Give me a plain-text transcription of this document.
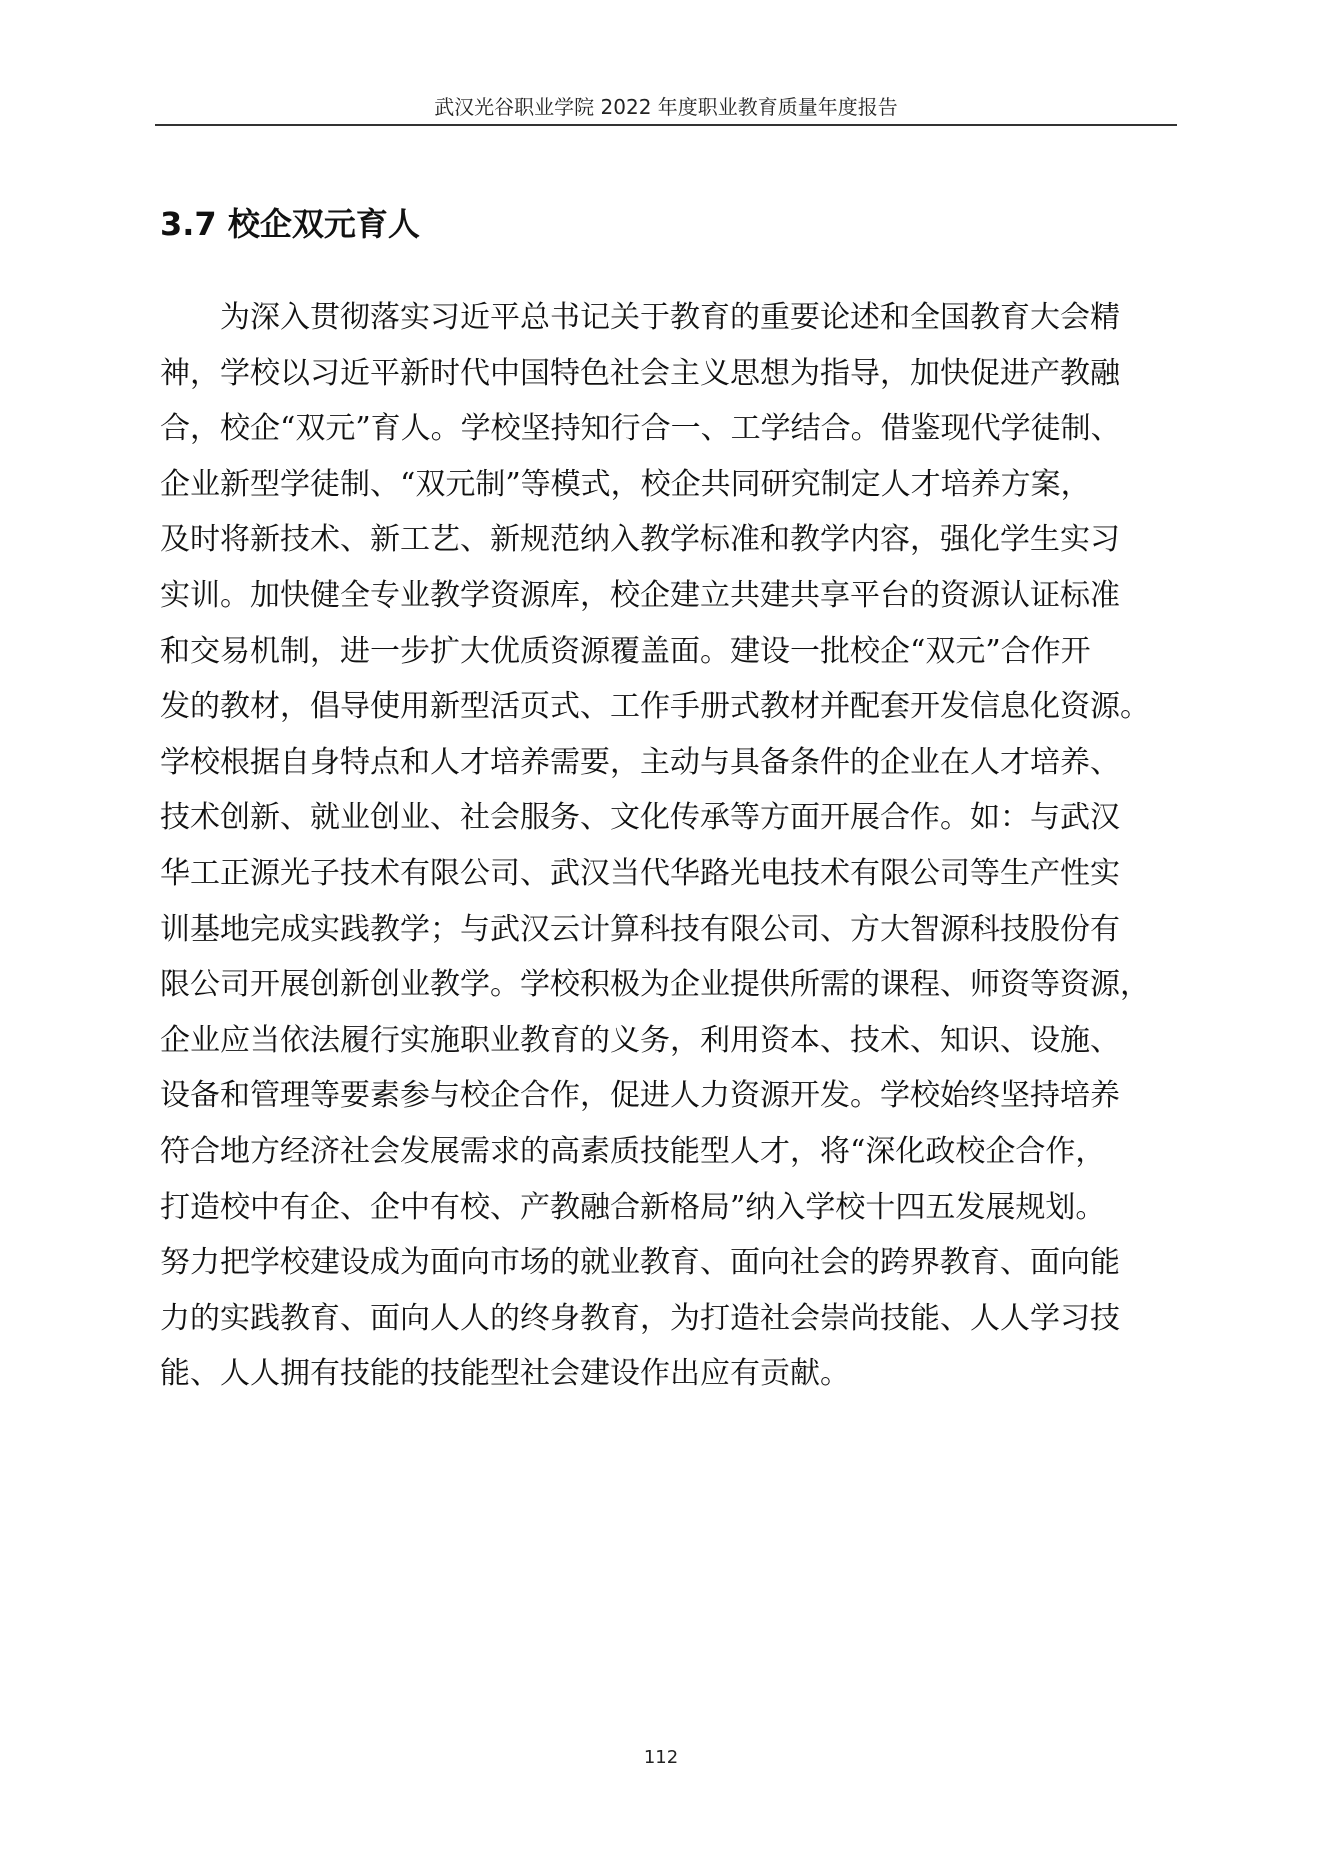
武汉光谷职业学院 2022 年度职业教育质量年度报告
3.7 校企双元育人
为深入贯彻落实习近平总书记关于教育的重要论述和全国教育大会精
神，学校以习近平新时代中国特色社会主义思想为指导，加快促进产教融
合，校企“双元”育人。学校坚持知行合一、工学结合。借鉴现代学徒制、
企业新型学徒制、“双元制”等模式，校企共同研究制定人才培养方案，
及时将新技术、新工艺、新规范纳入教学标准和教学内容，强化学生实习
实训。加快健全专业教学资源库，校企建立共建共享平台的资源认证标准
和交易机制，进一步扩大优质资源覆盖面。建设一批校企“双元”合作开
发的教材，倡导使用新型活页式、工作手册式教材并配套开发信息化资源。
学校根据自身特点和人才培养需要，主动与具备条件的企业在人才培养、
技术创新、就业创业、社会服务、文化传承等方面开展合作。如：与武汉
华工正源光子技术有限公司、武汉当代华路光电技术有限公司等生产性实
训基地完成实践教学；与武汉云计算科技有限公司、方大智源科技股份有
限公司开展创新创业教学。学校积极为企业提供所需的课程、师资等资源，
企业应当依法履行实施职业教育的义务，利用资本、技术、知识、设施、
设备和管理等要素参与校企合作，促进人力资源开发。学校始终坚持培养
符合地方经济社会发展需求的高素质技能型人才，将“深化政校企合作，
打造校中有企、企中有校、产教融合新格局”纳入学校十四五发展规划。
努力把学校建设成为面向市场的就业教育、面向社会的跨界教育、面向能
力的实践教育、面向人人的终身教育，为打造社会崇尚技能、人人学习技
能、人人拥有技能的技能型社会建设作出应有贡献。
112
